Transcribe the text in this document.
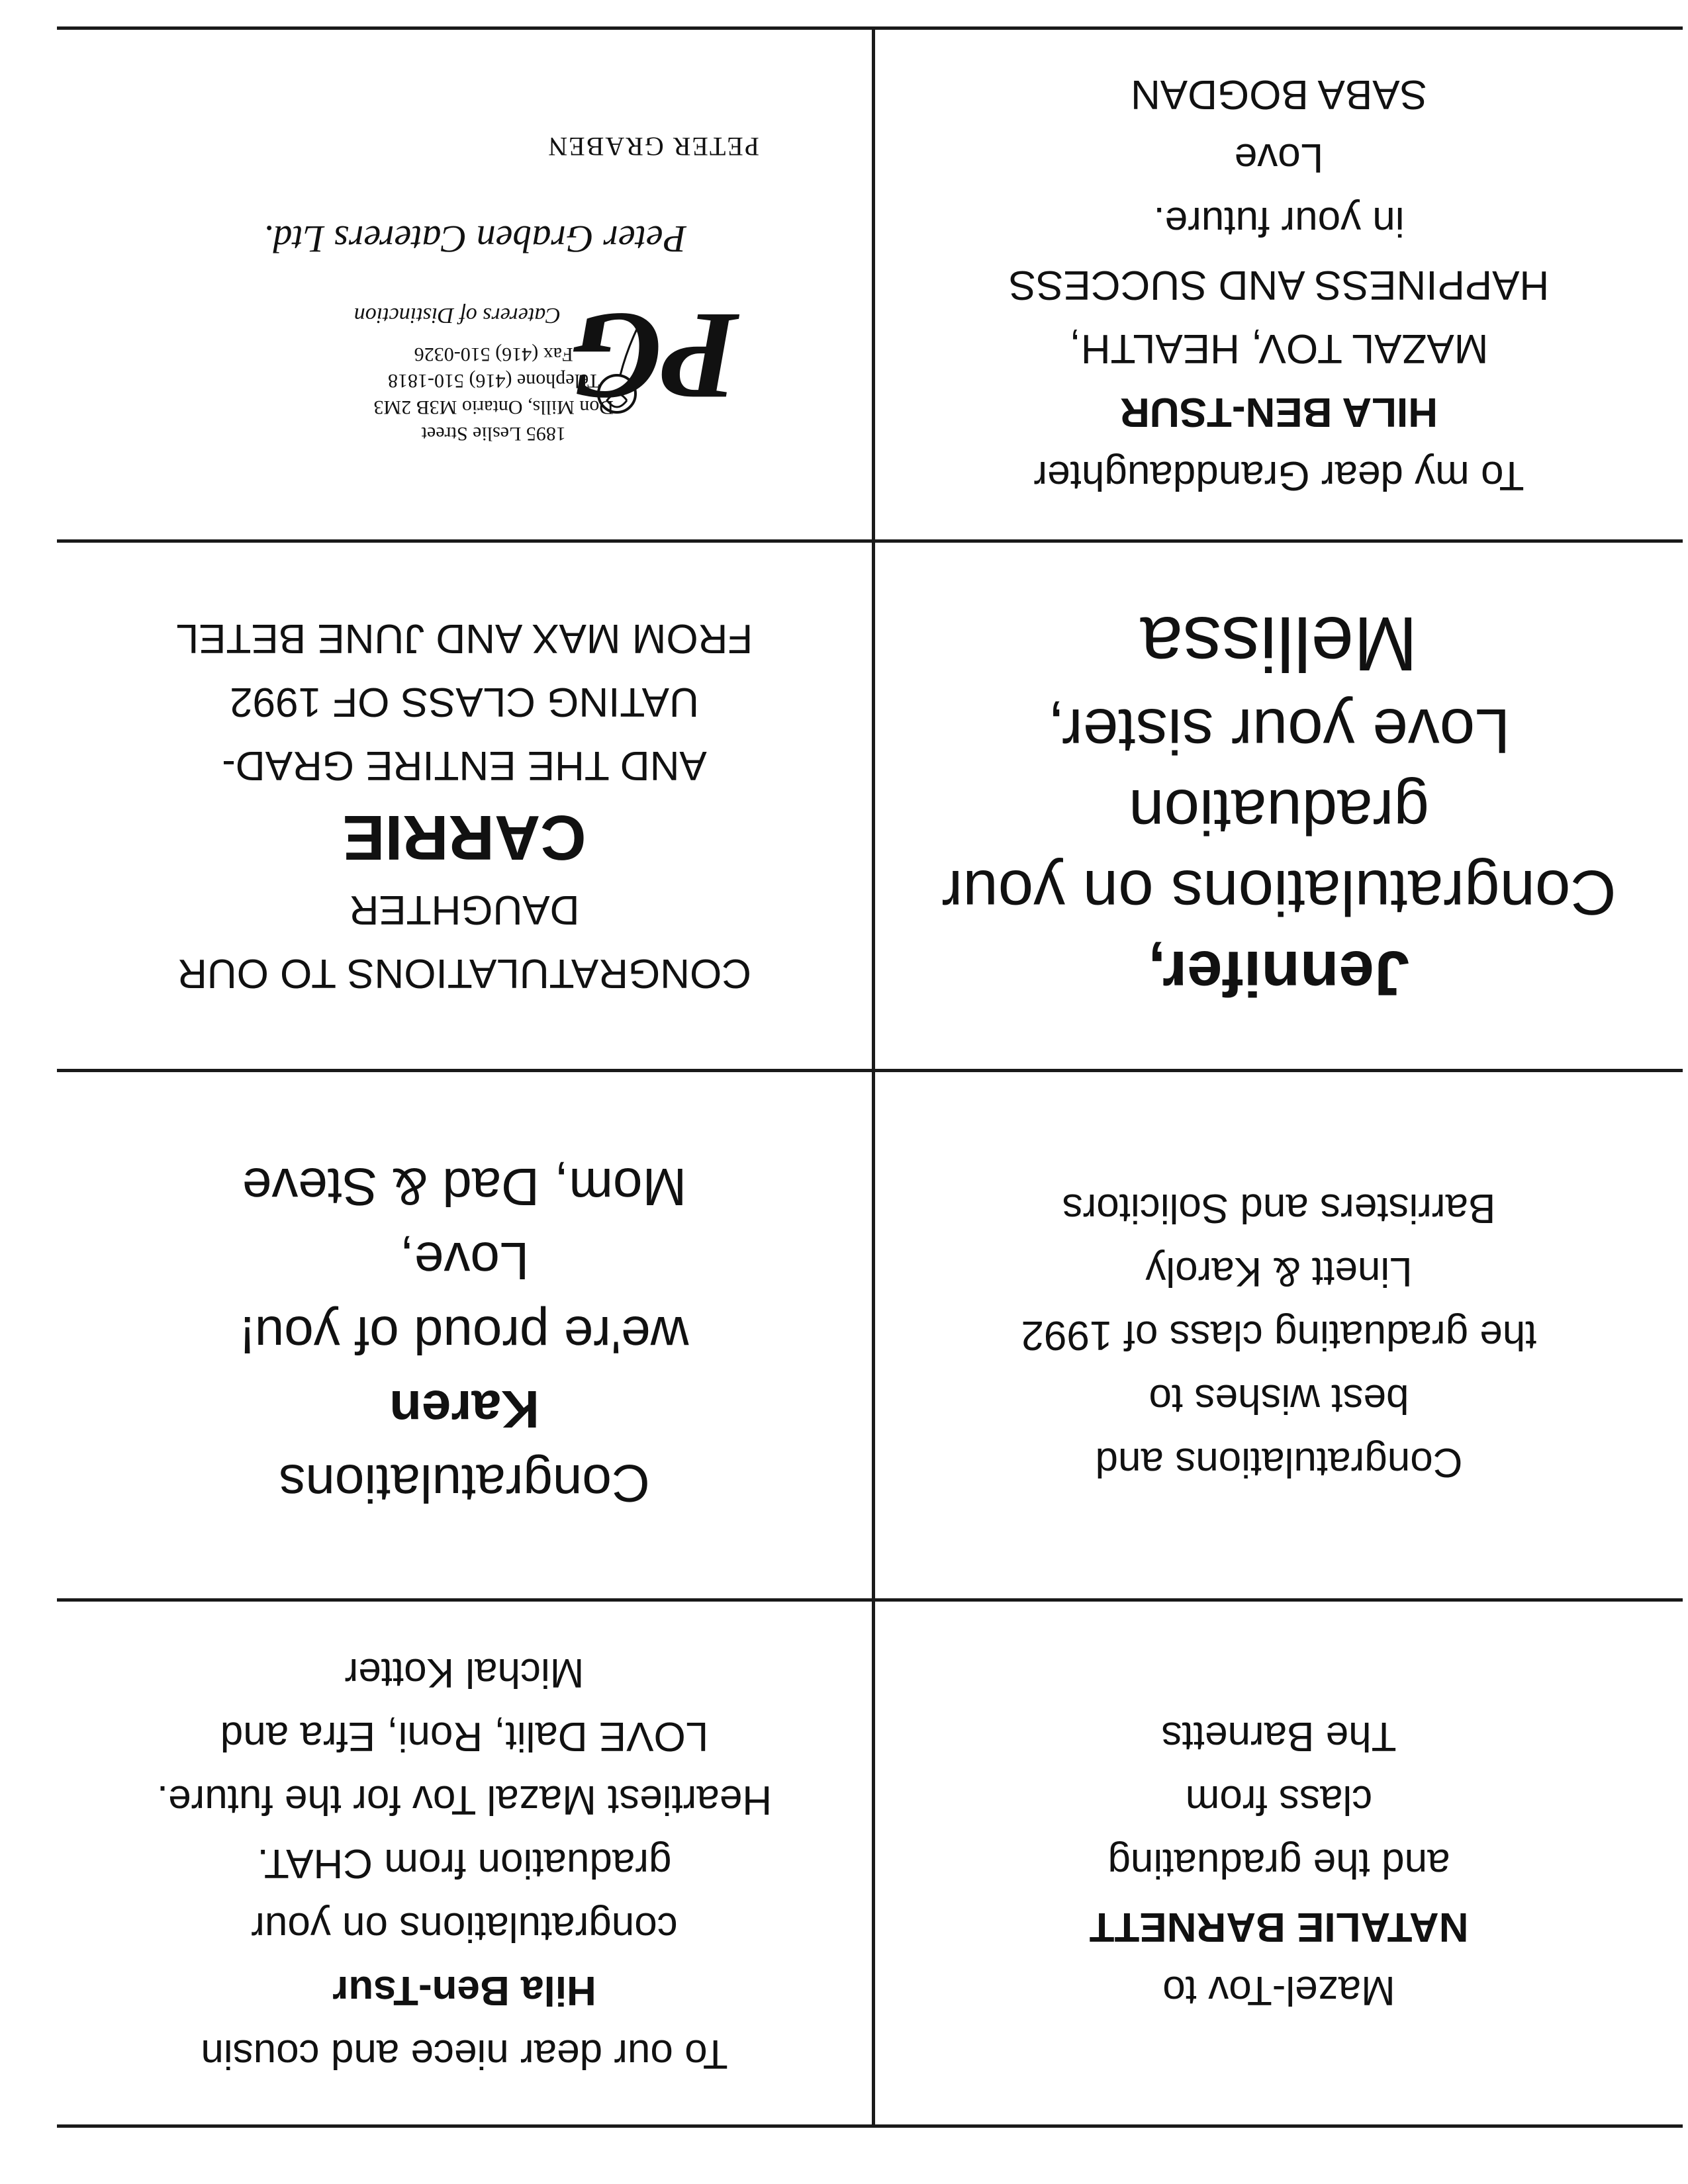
Mazel-Tov to
NATALIE BARNETT
and the graduating
class from
The Barnetts
To our dear niece and cousin
Hila Ben-Tsur
congratulations on your
graduation from CHAT.
Heartiest Mazal Tov for the future.
LOVE Dalit, Roni, Efra and
Michal Kotter
Congratulations and
best wishes to
the graduating class of 1992
Linett & Karoly
Barristers and Solicitors
Congratulations
Karen
we're proud of you!
Love,
Mom, Dad & Steve
Jennifer,
Congratulations on your
graduation
Love your sister,
Mellissa
CONGRATULATIONS TO OUR
DAUGHTER
CARRIE
AND THE ENTIRE GRAD-
UATING CLASS OF 1992
FROM MAX AND JUNE BETEL
To my dear Granddaughter
HILA BEN-TSUR
MAZAL TOV, HEALTH,
HAPPINESS AND SUCCESS
in your future.
Love
SABA BOGDAN
PG
Peter Graben Caterers Ltd.
PETER GRABEN
1895 Leslie Street
Don Mills, Ontario M3B 2M3
Telephone (416) 510-1818
Fax (416) 510-0326
Caterers of Distinction
